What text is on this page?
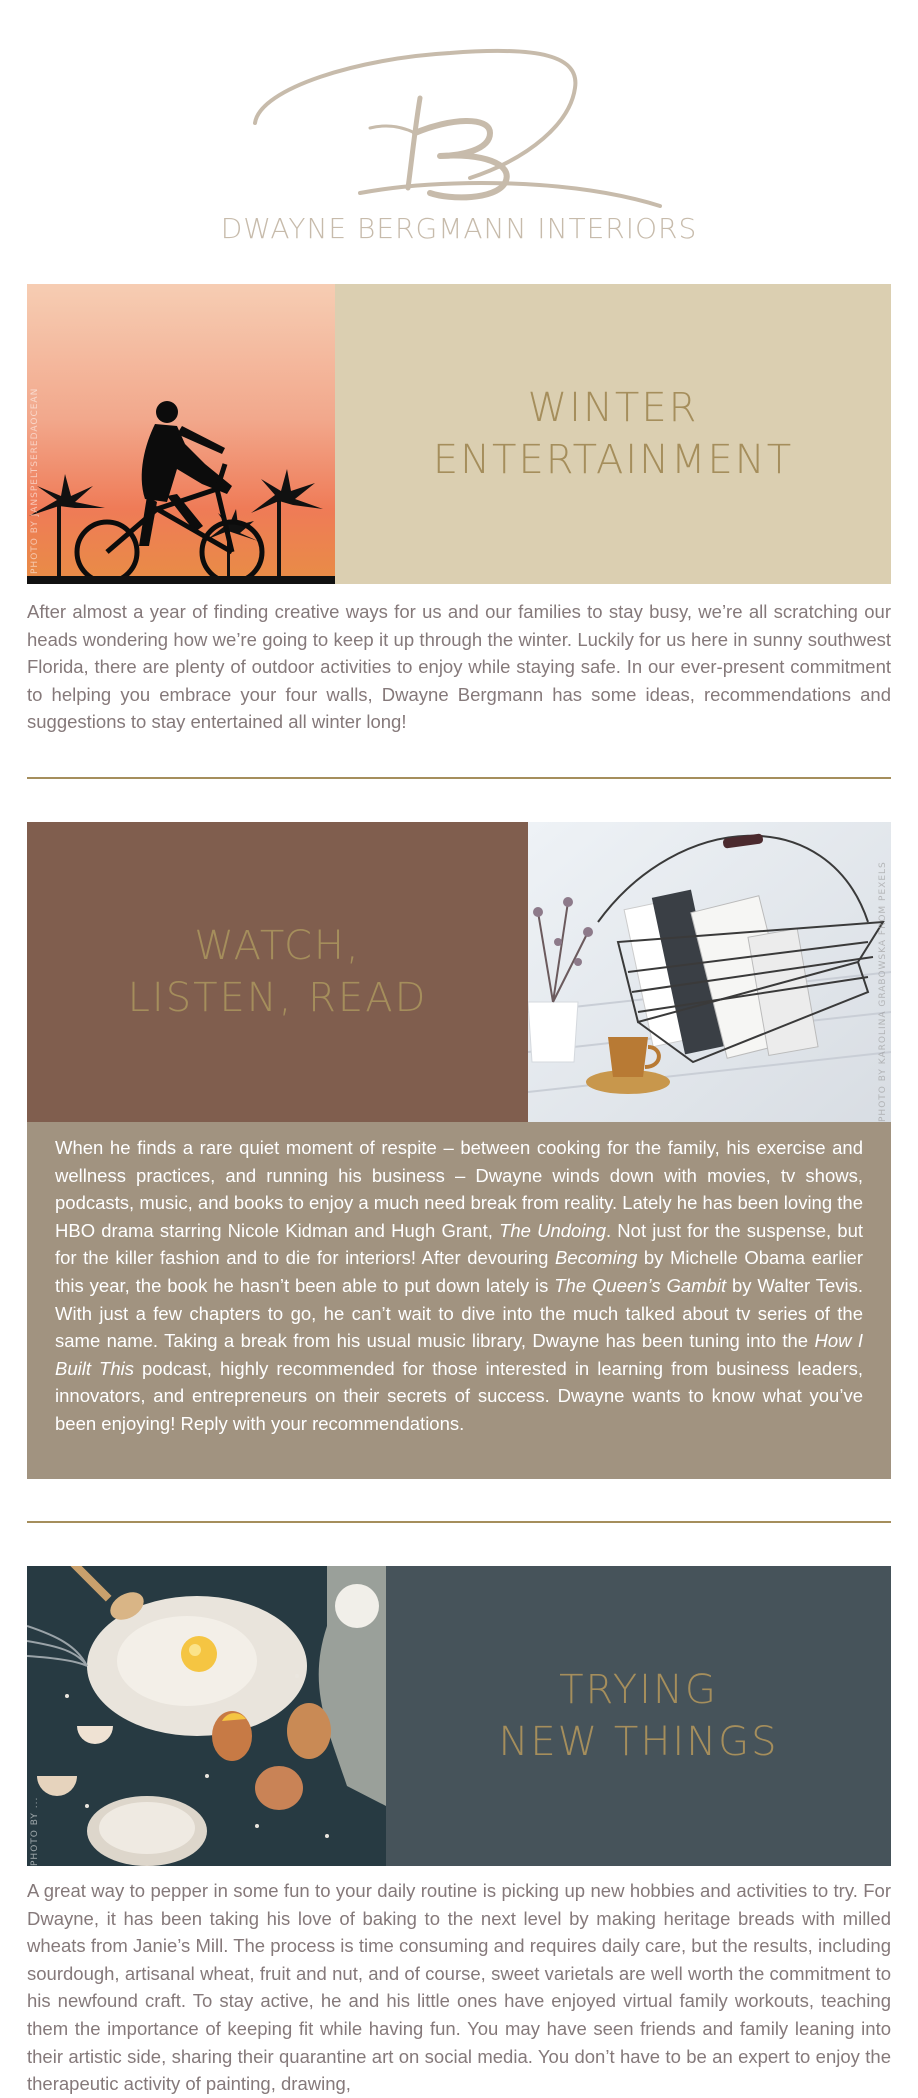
DWAYNE BERGMANN INTERIORS
PHOTO BY JANSPELTSEREDAOCEAN	WINTER
ENTERTAINMENT
After almost a year of finding creative ways for us and our families to stay busy, we’re all scratching our heads wondering how we’re going to keep it up through the winter. Luckily for us here in sunny southwest Florida, there are plenty of outdoor activities to enjoy while staying safe. In our ever-present commitment to helping you embrace your four walls, Dwayne Bergmann has some ideas, recommendations and suggestions to stay entertained all winter long!
WATCH,
LISTEN, READ	PHOTO BY KAROLINA GRABOWSKA FROM PEXELS
When he finds a rare quiet moment of respite – between cooking for the family, his exercise and wellness practices, and running his business – Dwayne winds down with movies, tv shows, podcasts, music, and books to enjoy a much need break from reality. Lately he has been loving the HBO drama starring Nicole Kidman and Hugh Grant, The Undoing. Not just for the suspense, but for the killer fashion and to die for interiors! After devouring Becoming by Michelle Obama earlier this year, the book he hasn’t been able to put down lately is The Queen’s Gambit by Walter Tevis. With just a few chapters to go, he can’t wait to dive into the much talked about tv series of the same name. Taking a break from his usual music library, Dwayne has been tuning into the How I Built This podcast, highly recommended for those interested in learning from business leaders, innovators, and entrepreneurs on their secrets of success. Dwayne wants to know what you’ve been enjoying! Reply with your recommendations.
PHOTO BY ...
TRYING
NEW THINGS
A great way to pepper in some fun to your daily routine is picking up new hobbies and activities to try. For Dwayne, it has been taking his love of baking to the next level by making heritage breads with milled wheats from Janie’s Mill. The process is time consuming and requires daily care, but the results, including sourdough, artisanal wheat, fruit and nut, and of course, sweet varietals are well worth the commitment to his newfound craft. To stay active, he and his little ones have enjoyed virtual family workouts, teaching them the importance of keeping fit while having fun. You may have seen friends and family leaning into their artistic side, sharing their quarantine art on social media. You don’t have to be an expert to enjoy the therapeutic activity of painting, drawing,
